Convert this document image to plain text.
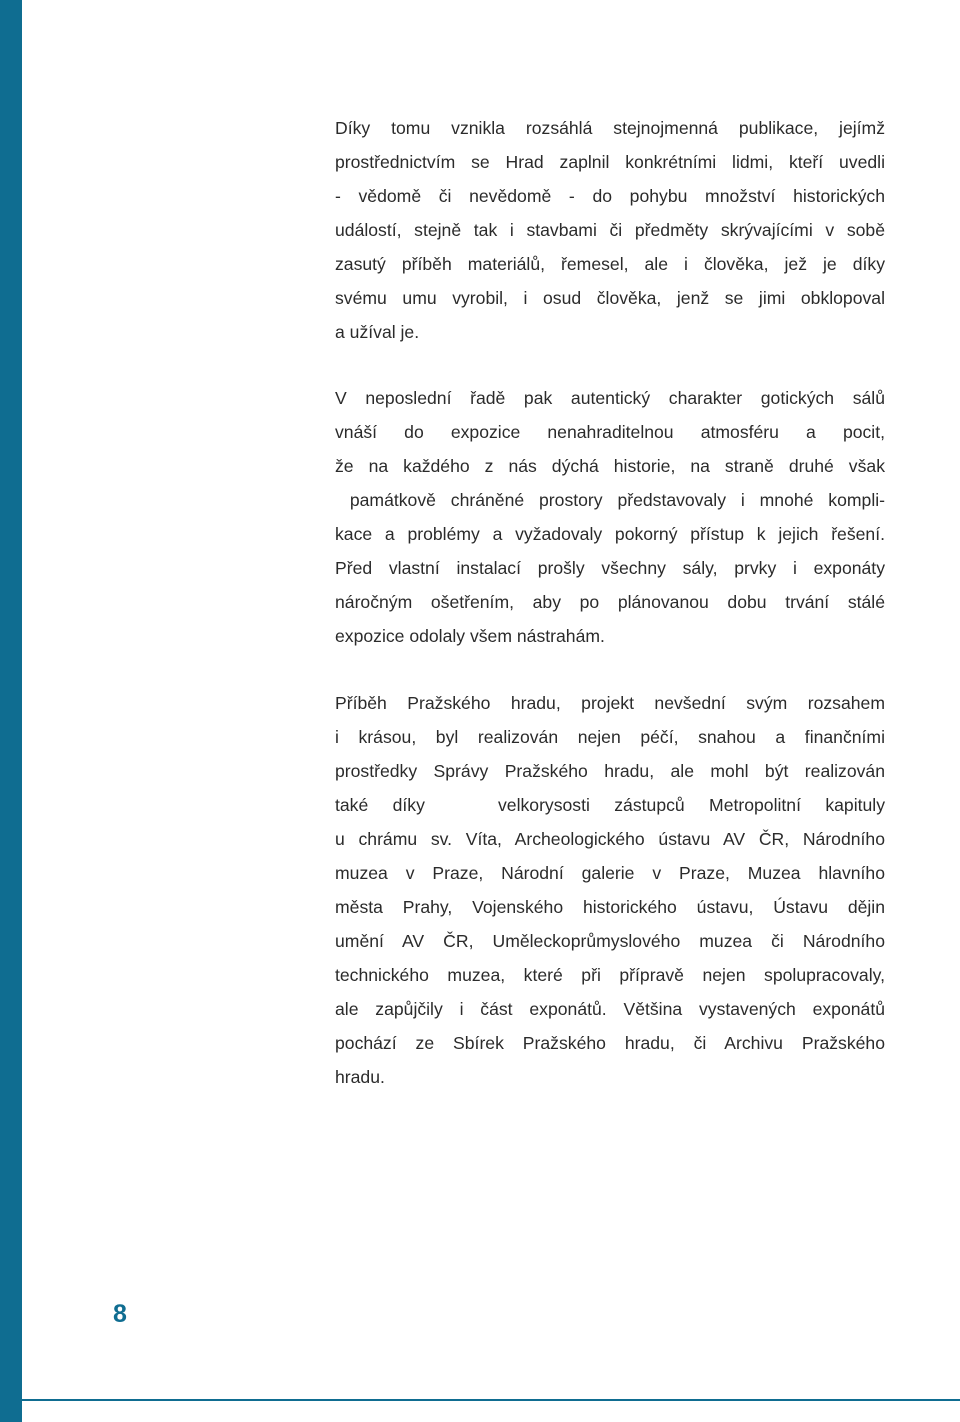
Díky tomu vznikla rozsáhlá stejnojmenná publikace, jejímž
prostřednictvím se Hrad zaplnil konkrétními lidmi, kteří uvedli
- vědomě či nevědomě - do pohybu množství historických
událostí, stejně tak i stavbami či předměty skrývajícími v sobě
zasutý příběh materiálů, řemesel, ale i člověka, jež je díky
svému umu vyrobil, i osud člověka, jenž se jimi obklopoval
a užíval je.
V neposlední řadě pak autentický charakter gotických sálů
vnáší do expozice nenahraditelnou atmosféru a pocit,
že na každého z nás dýchá historie, na straně druhé však
památkově chráněné prostory představovaly i mnohé kompli-
kace a problémy a vyžadovaly pokorný přístup k jejich řešení.
Před vlastní instalací prošly všechny sály, prvky i exponáty
náročným ošetřením, aby po plánovanou dobu trvání stálé
expozice odolaly všem nástrahám.
Příběh Pražského hradu, projekt nevšední svým rozsahem
i krásou, byl realizován nejen péčí, snahou a finančními
prostředky Správy Pražského hradu, ale mohl být realizován
také díky   velkorysosti zástupců Metropolitní kapituly
u chrámu sv. Víta, Archeologického ústavu AV ČR, Národního
muzea v Praze, Národní galerie v Praze, Muzea hlavního
města Prahy, Vojenského historického ústavu, Ústavu dějin
umění AV ČR, Uměleckoprůmyslového muzea či Národního
technického muzea, které při přípravě nejen spolupracovaly,
ale zapůjčily i část exponátů. Většina vystavených exponátů
pochází ze Sbírek Pražského hradu, či Archivu Pražského
hradu.
8
